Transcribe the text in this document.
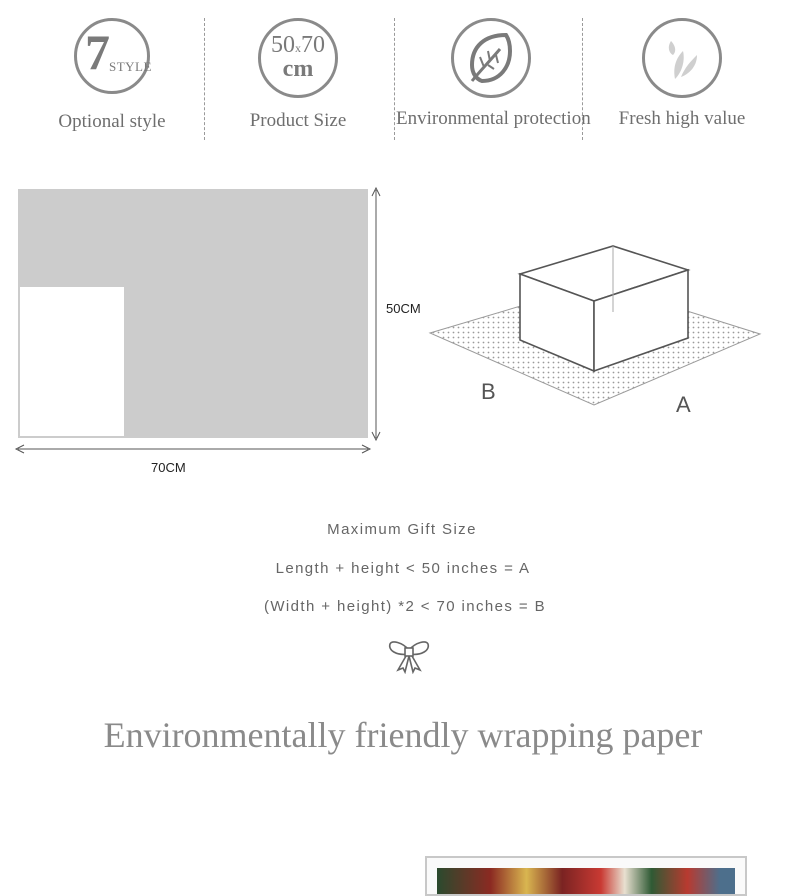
7 STYLE
Optional style
50x70
cm
Product Size	Environmental protection	Fresh high value
50CM
70CM
B
A
Maximum Gift Size
Length + height < 50 inches = A
(Width + height) *2 < 70 inches = B
Environmentally friendly wrapping paper
